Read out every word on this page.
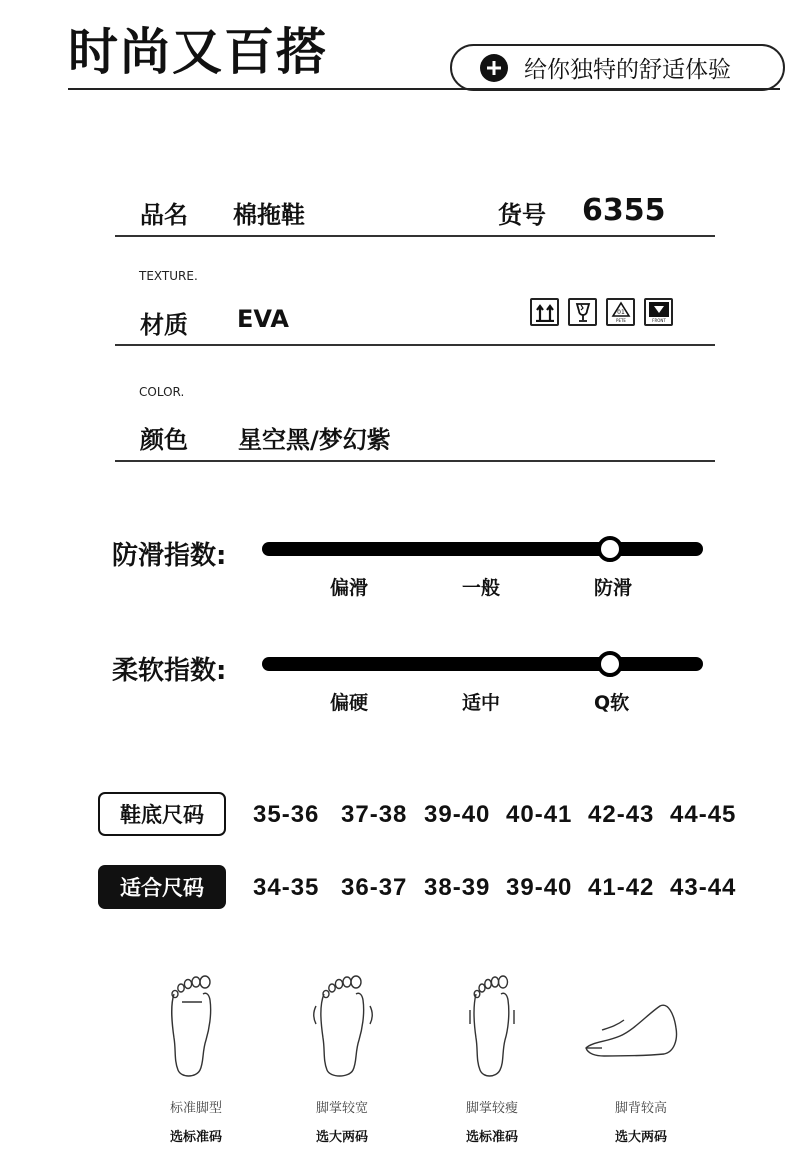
时尚又百搭	给你独特的舒适体验
品名 棉拖鞋	货号 6355
TEXTURE.
材质 EVA	01
PETE	FRONT
COLOR.
颜色 星空黑/梦幻紫
防滑指数:
偏滑	一般	防滑
柔软指数:
偏硬	适中	Q软
鞋底尺码	35-36 37-38 39-40 40-41 42-43 44-45
适合尺码	34-35 36-37 38-39 39-40 41-42 43-44
标准脚型
选标准码
脚掌较宽
选大两码
脚掌较瘦
选标准码
脚背较高
选大两码
